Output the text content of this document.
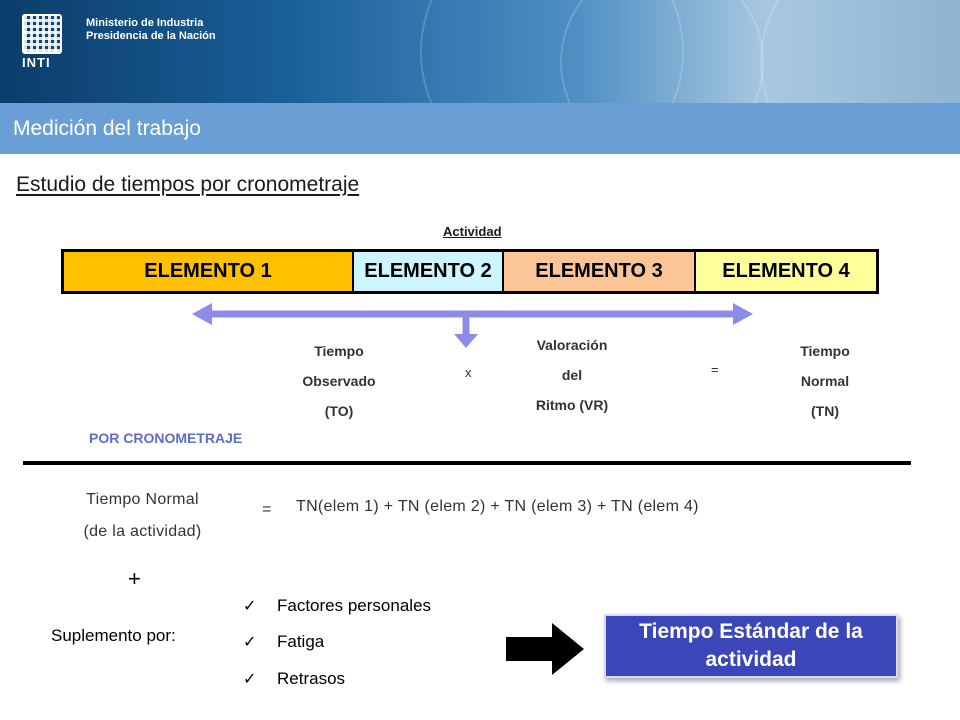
INTI
Ministerio de Industria
Presidencia de la Nación
Medición del trabajo
Estudio de tiempos por cronometraje
Actividad
ELEMENTO 1	ELEMENTO 2	ELEMENTO 3	ELEMENTO 4
Tiempo
Observado
(TO)
x
Valoración
del
Ritmo (VR)
=
Tiempo
Normal
(TN)
POR CRONOMETRAJE
Tiempo Normal
(de la actividad)
= TN(elem 1) + TN (elem 2) + TN (elem 3) + TN (elem 4)
+
Suplemento por:
✓	Factores personales
✓	Fatiga
✓	Retrasos
Tiempo Estándar de la
actividad
